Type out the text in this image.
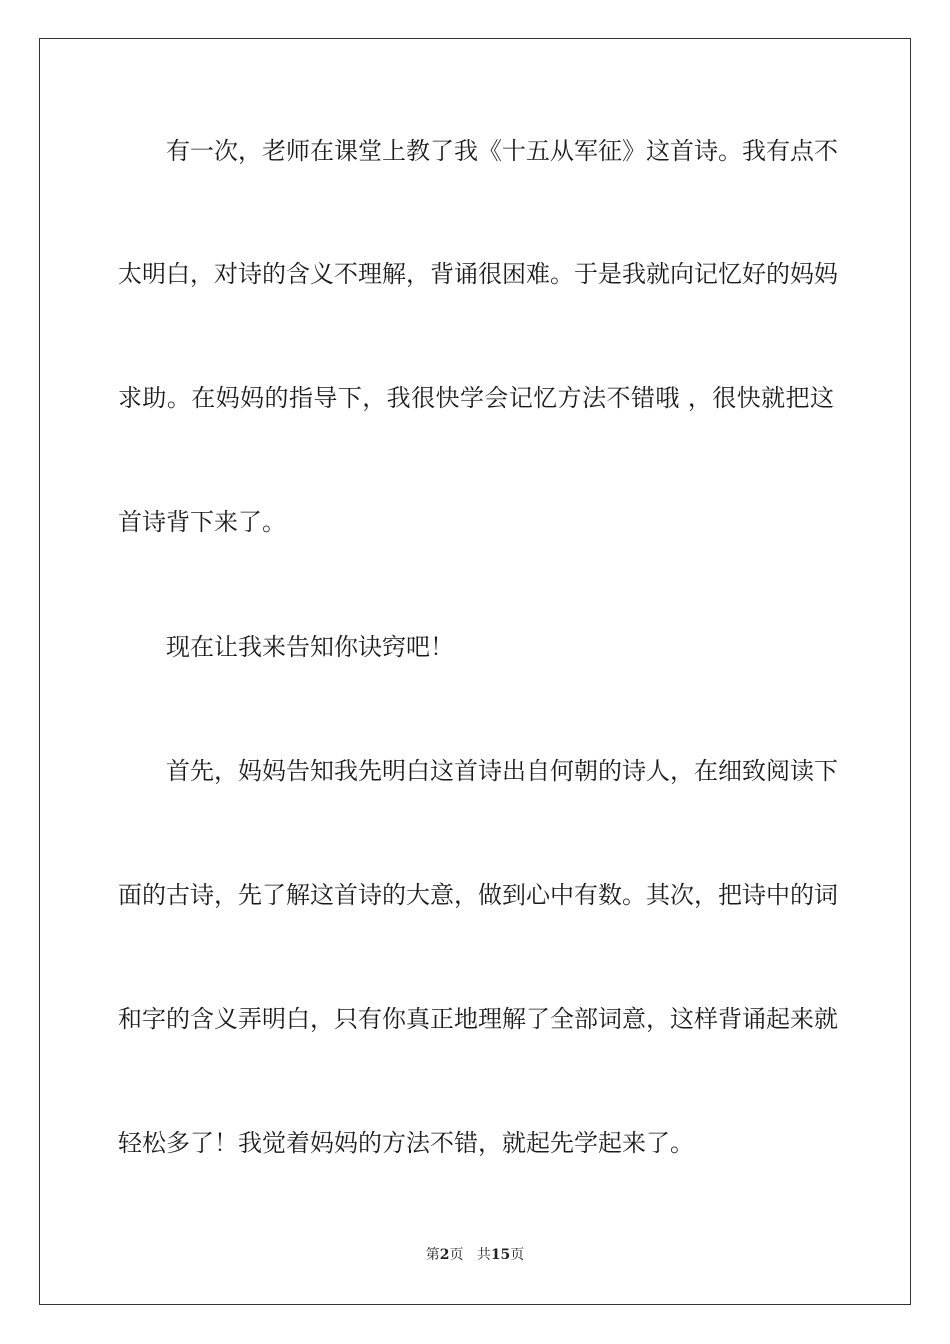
有一次，老师在课堂上教了我《十五从军征》这首诗。我有点不
太明白，对诗的含义不理解，背诵很困难。于是我就向记忆好的妈妈
求助。在妈妈的指导下，我很快学会记忆方法不错哦 ，很快就把这
首诗背下来了。
现在让我来告知你诀窍吧！
首先，妈妈告知我先明白这首诗出自何朝的诗人，在细致阅读下
面的古诗，先了解这首诗的大意，做到心中有数。其次，把诗中的词
和字的含义弄明白，只有你真正地理解了全部词意，这样背诵起来就
轻松多了！我觉着妈妈的方法不错，就起先学起来了。
第2页 共15页
